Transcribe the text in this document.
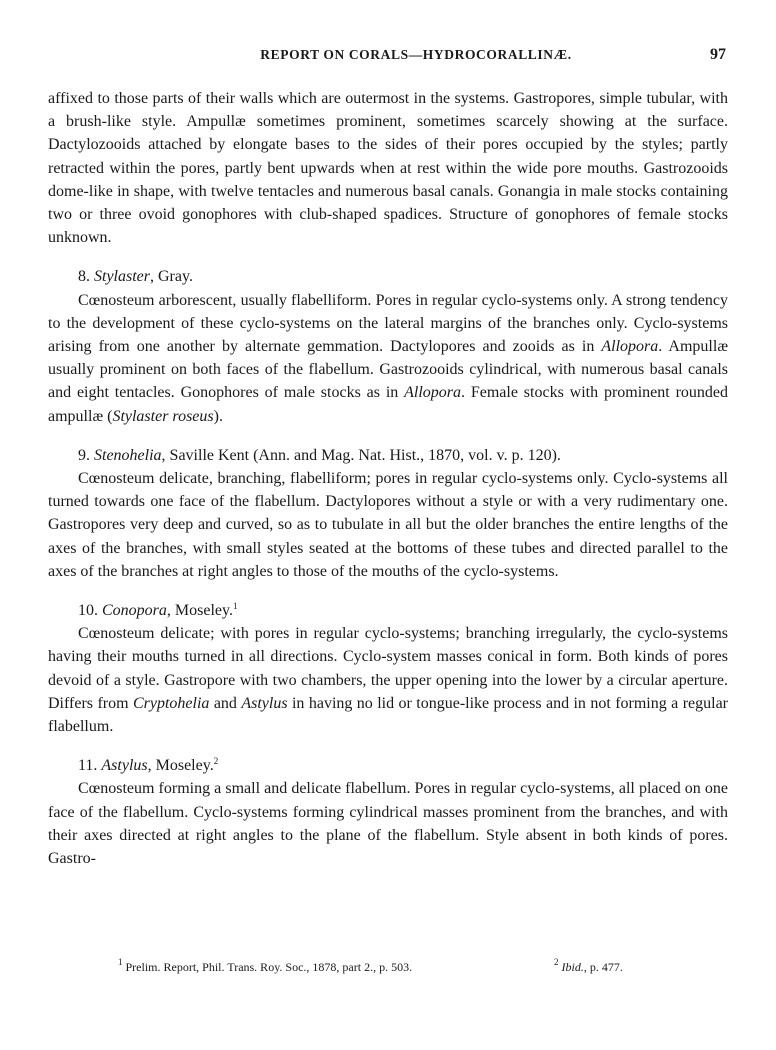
REPORT ON CORALS—HYDROCORALLINÆ.	97

affixed to those parts of their walls which are outermost in the systems. Gastropores, simple tubular, with a brush-like style. Ampullæ sometimes prominent, sometimes scarcely showing at the surface. Dactylozooids attached by elongate bases to the sides of their pores occupied by the styles; partly retracted within the pores, partly bent upwards when at rest within the wide pore mouths. Gastrozooids dome-like in shape, with twelve tentacles and numerous basal canals. Gonangia in male stocks containing two or three ovoid gonophores with club-shaped spadices. Structure of gonophores of female stocks unknown.

8. Stylaster, Gray.

Cœnosteum arborescent, usually flabelliform. Pores in regular cyclo-systems only. A strong tendency to the development of these cyclo-systems on the lateral margins of the branches only. Cyclo-systems arising from one another by alternate gemmation. Dactylopores and zooids as in Allopora. Ampullæ usually prominent on both faces of the flabellum. Gastrozooids cylindrical, with numerous basal canals and eight tentacles. Gonophores of male stocks as in Allopora. Female stocks with prominent rounded ampullæ (Stylaster roseus).

9. Stenohelia, Saville Kent (Ann. and Mag. Nat. Hist., 1870, vol. v. p. 120).

Cœnosteum delicate, branching, flabelliform; pores in regular cyclo-systems only. Cyclo-systems all turned towards one face of the flabellum. Dactylopores without a style or with a very rudimentary one. Gastropores very deep and curved, so as to tubulate in all but the older branches the entire lengths of the axes of the branches, with small styles seated at the bottoms of these tubes and directed parallel to the axes of the branches at right angles to those of the mouths of the cyclo-systems.

10. Conopora, Moseley.$^1$

Cœnosteum delicate; with pores in regular cyclo-systems; branching irregularly, the cyclo-systems having their mouths turned in all directions. Cyclo-system masses conical in form. Both kinds of pores devoid of a style. Gastropore with two chambers, the upper opening into the lower by a circular aperture. Differs from Cryptohelia and Astylus in having no lid or tongue-like process and in not forming a regular flabellum.

11. Astylus, Moseley.$^2$

Cœnosteum forming a small and delicate flabellum. Pores in regular cyclo-systems, all placed on one face of the flabellum. Cyclo-systems forming cylindrical masses prominent from the branches, and with their axes directed at right angles to the plane of the flabellum. Style absent in both kinds of pores. Gastro-

$^1$ Prelim. Report, Phil. Trans. Roy. Soc., 1878, part 2., p. 503.	$^2$ Ibid., p. 477.
